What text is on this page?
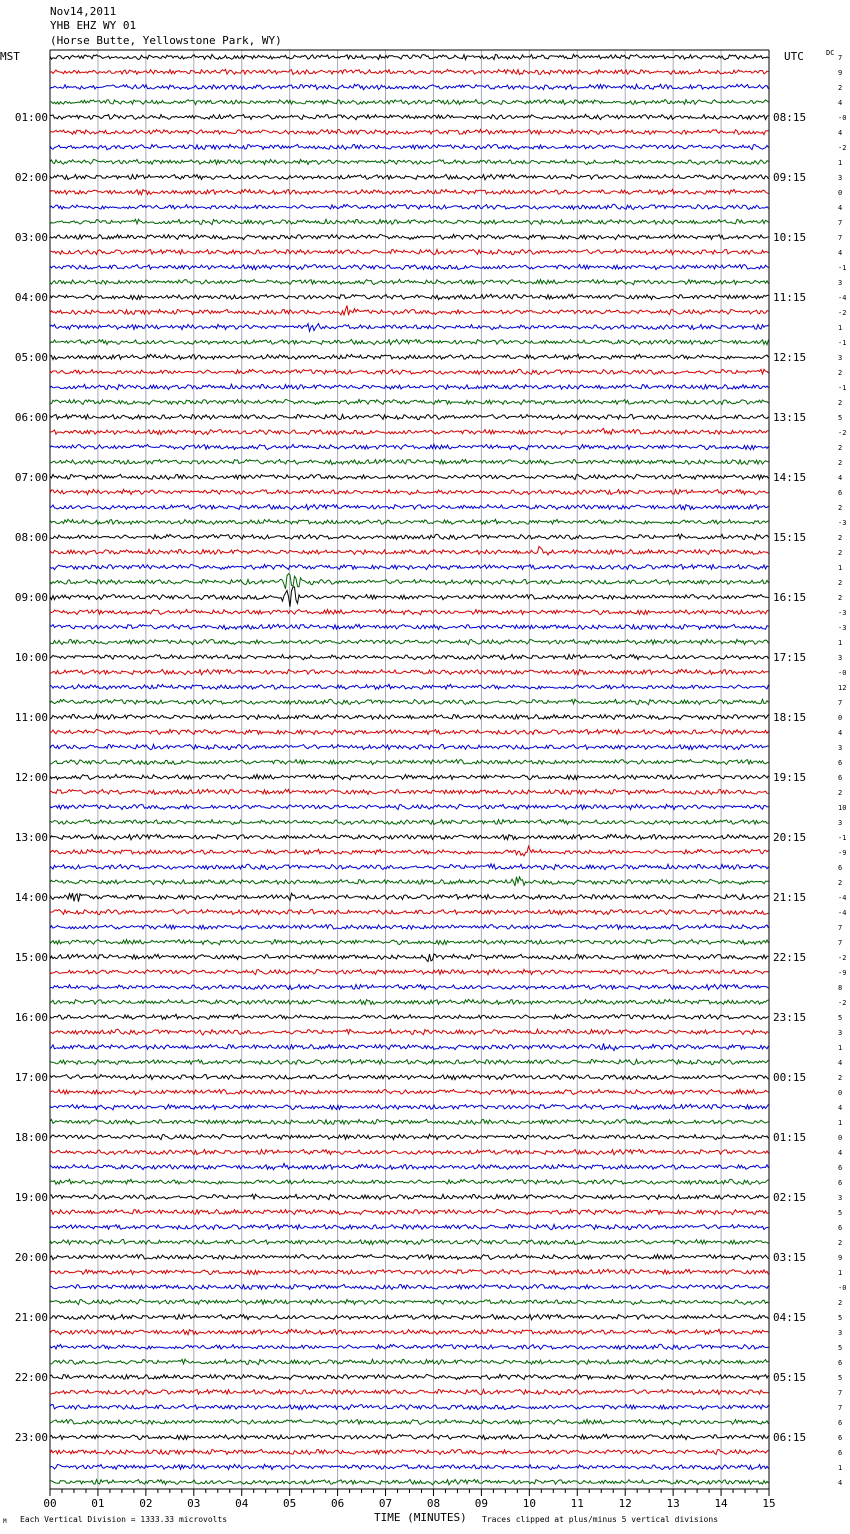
Nov14,2011
YHB EHZ WY 01
(Horse Butte, Yellowstone Park, WY)
MST	UTC	DC
7
9
2
4
-0
4
-2
1
3
0
4
7
7
4
-1
3
-4
-2
1
-1
3
2
-1
2
5
-2
2
2
4
6
2
-3
2
2
1
2
2
-3
-3
1
3
-0
12
7
0
4
3
6
6
2
10
3
-1
-9
6
2
-4
-4
7
7
-2
-9
8
-2
5
3
1
4
2
0
4
1
0
4
6
6
3
5
6
2
9
1
-0
2
5
3
5
6
5
7
7
6
6
6
1
4
01:00	08:15
02:00	09:15
03:00	10:15
04:00	11:15
05:00	12:15
06:00	13:15
07:00	14:15
08:00	15:15
09:00	16:15
10:00	17:15
11:00	18:15
12:00	19:15
13:00	20:15
14:00	21:15
15:00	22:15
16:00	23:15
17:00	00:15
18:00	01:15
19:00	02:15
20:00	03:15
21:00	04:15
22:00	05:15
23:00	06:15
00	01	02	03	04	05	06	07	08	09	10	11	12	13	14	15
TIME (MINUTES)
M Each Vertical Division = 1333.33 microvolts	Traces clipped at plus/minus 5 vertical divisions
